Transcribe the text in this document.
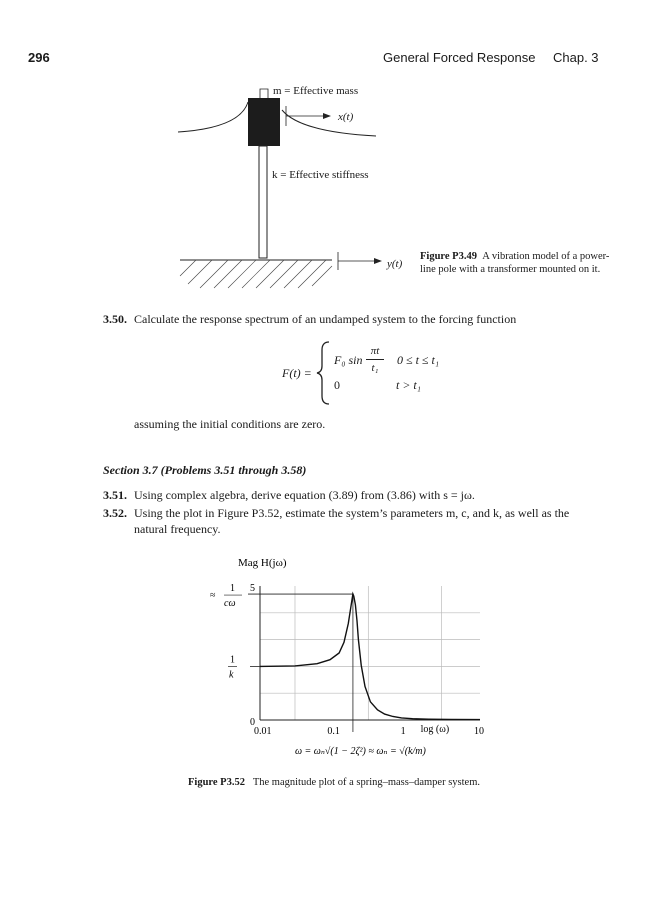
296	General Forced Response Chap. 3
m = Effective mass
x(t)
k = Effective stiffness
y(t)
Figure P3.49 A vibration model of a power-line pole with a transformer mounted on it.
3.50. Calculate the response spectrum of an undamped system to the forcing function
F(t) =
F₀ sin
πt
t₁
0 ≤ t ≤ t₁
0	t > t₁
assuming the initial conditions are zero.
Section 3.7 (Problems 3.51 through 3.58)
3.51. Using complex algebra, derive equation (3.89) from (3.86) with s = jω.
3.52. Using the plot in Figure P3.52, estimate the system’s parameters m, c, and k, as well as the natural frequency.
Mag H(jω)
5
0
≈
1
cω
1
k
0.01	0.1	1	10
log (ω)
ω = ωₙ√(1 − 2ζ²) ≈ ωₙ = √(k/m)
Figure P3.52 The magnitude plot of a spring–mass–damper system.
